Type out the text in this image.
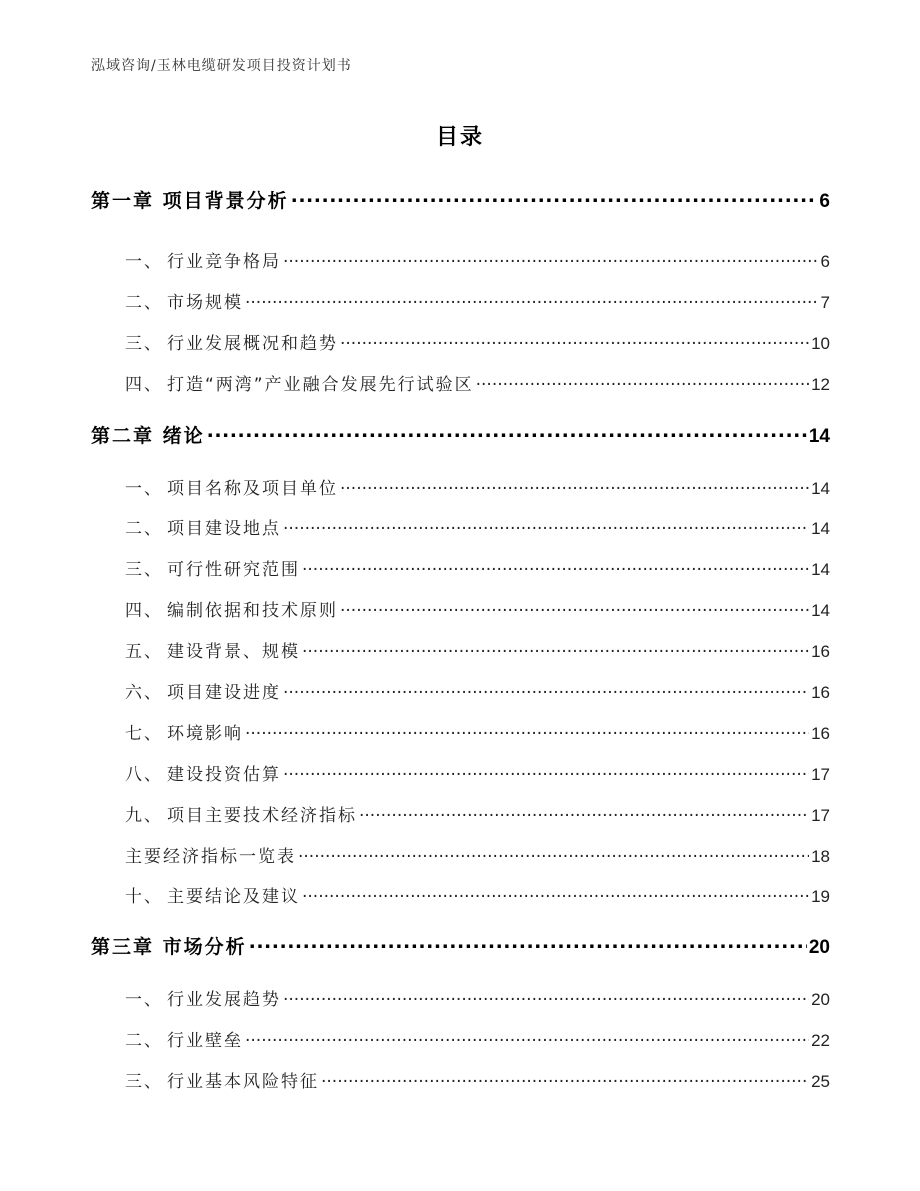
泓域咨询/玉林电缆研发项目投资计划书
目录
第一章 项目背景分析 .....	6
一、 行业竞争格局 .....	6
二、 市场规模 .....	7
三、 行业发展概况和趋势 .....	10
四、 打造“两湾”产业融合发展先行试验区 .....	12
第二章 绪论 .....	14
一、 项目名称及项目单位 .....	14
二、 项目建设地点 .....	14
三、 可行性研究范围 .....	14
四、 编制依据和技术原则 .....	14
五、 建设背景、规模 .....	16
六、 项目建设进度 .....	16
七、 环境影响 .....	16
八、 建设投资估算 .....	17
九、 项目主要技术经济指标 .....	17
主要经济指标一览表 .....	18
十、 主要结论及建议 .....	19
第三章 市场分析 .....	20
一、 行业发展趋势 .....	20
二、 行业壁垒 .....	22
三、 行业基本风险特征 .....	25
